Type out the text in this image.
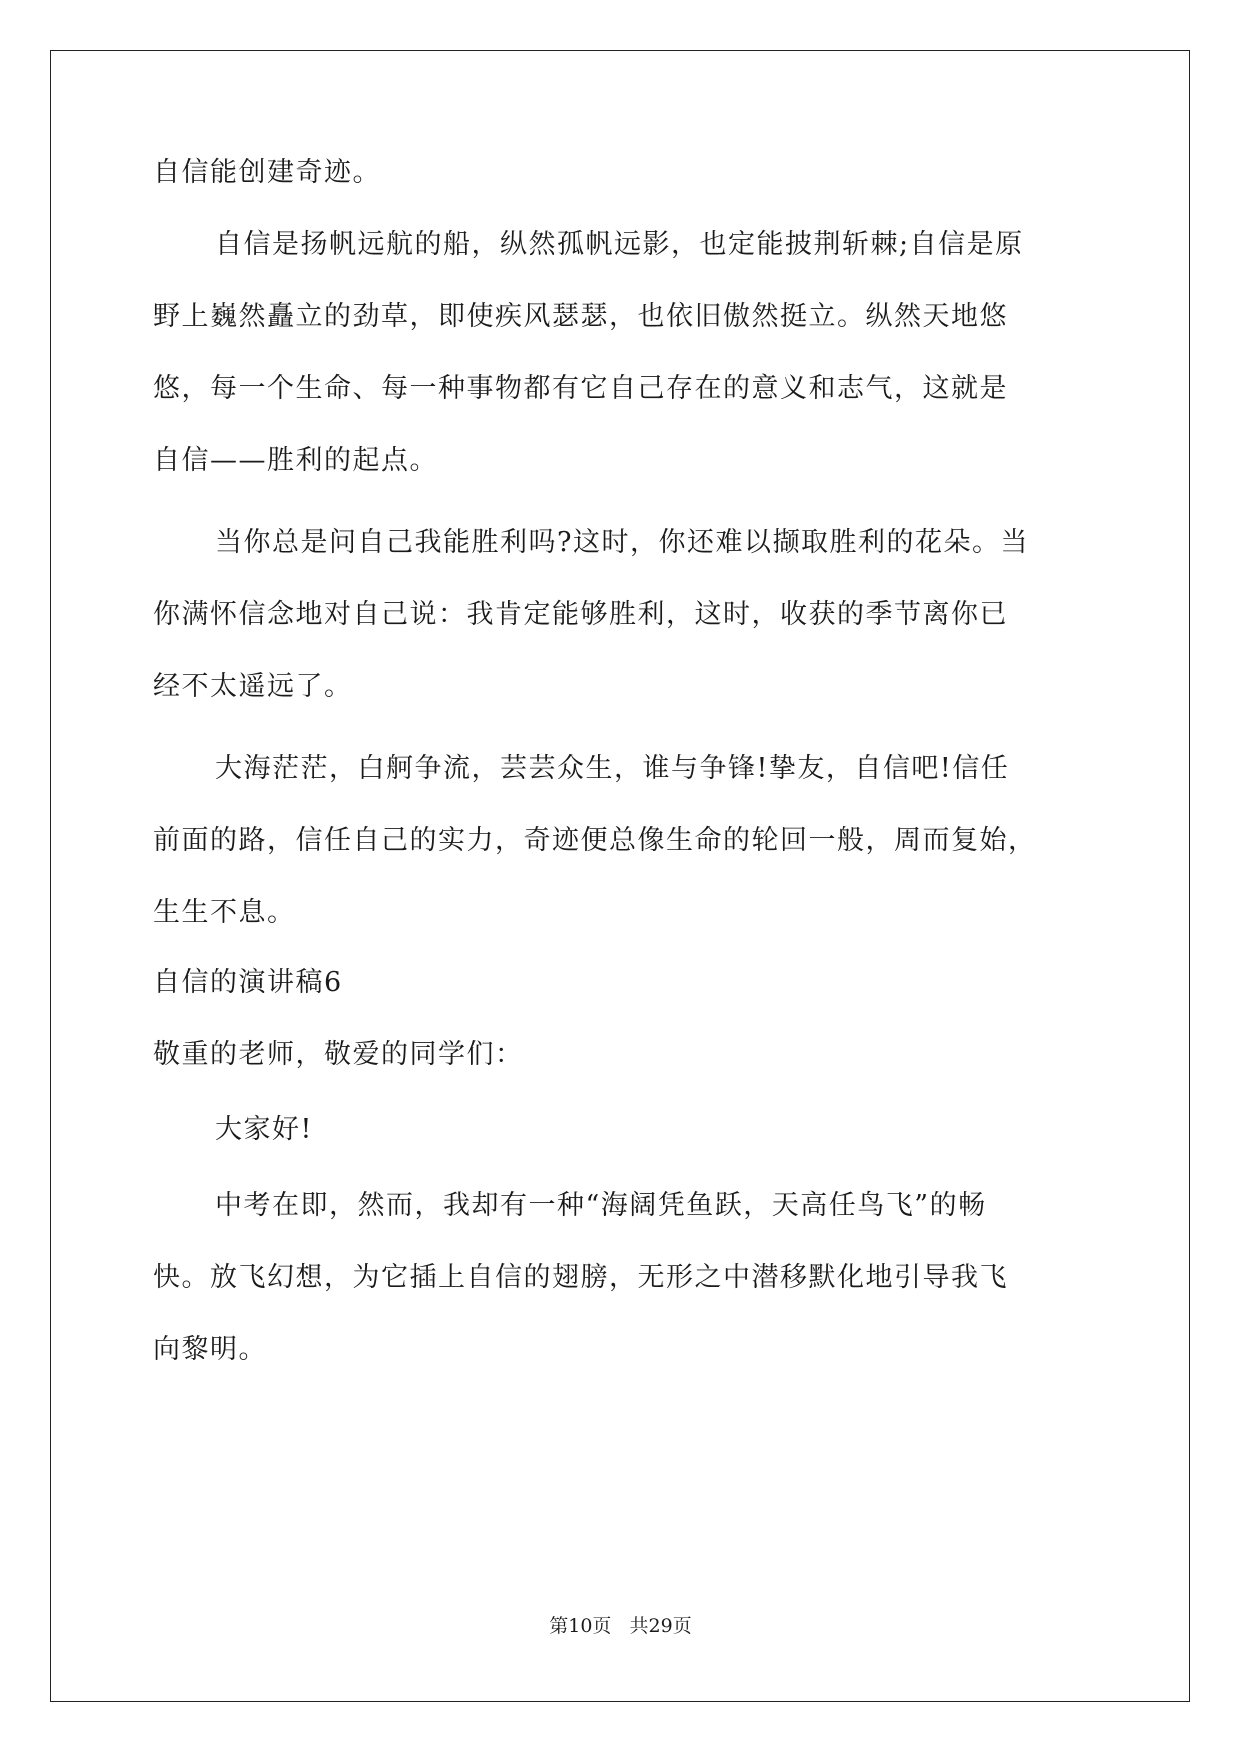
自信能创建奇迹。
自信是扬帆远航的船，纵然孤帆远影，也定能披荆斩棘;自信是原
野上巍然矗立的劲草，即使疾风瑟瑟，也依旧傲然挺立。纵然天地悠
悠，每一个生命、每一种事物都有它自己存在的意义和志气，这就是
自信——胜利的起点。
当你总是问自己我能胜利吗?这时，你还难以撷取胜利的花朵。当
你满怀信念地对自己说：我肯定能够胜利，这时，收获的季节离你已
经不太遥远了。
大海茫茫，白舸争流，芸芸众生，谁与争锋!挚友，自信吧!信任
前面的路，信任自己的实力，奇迹便总像生命的轮回一般，周而复始，
生生不息。
自信的演讲稿6
敬重的老师，敬爱的同学们：
大家好!
中考在即，然而，我却有一种“海阔凭鱼跃，天高任鸟飞”的畅
快。放飞幻想，为它插上自信的翅膀，无形之中潜移默化地引导我飞
向黎明。
第10页   共29页
